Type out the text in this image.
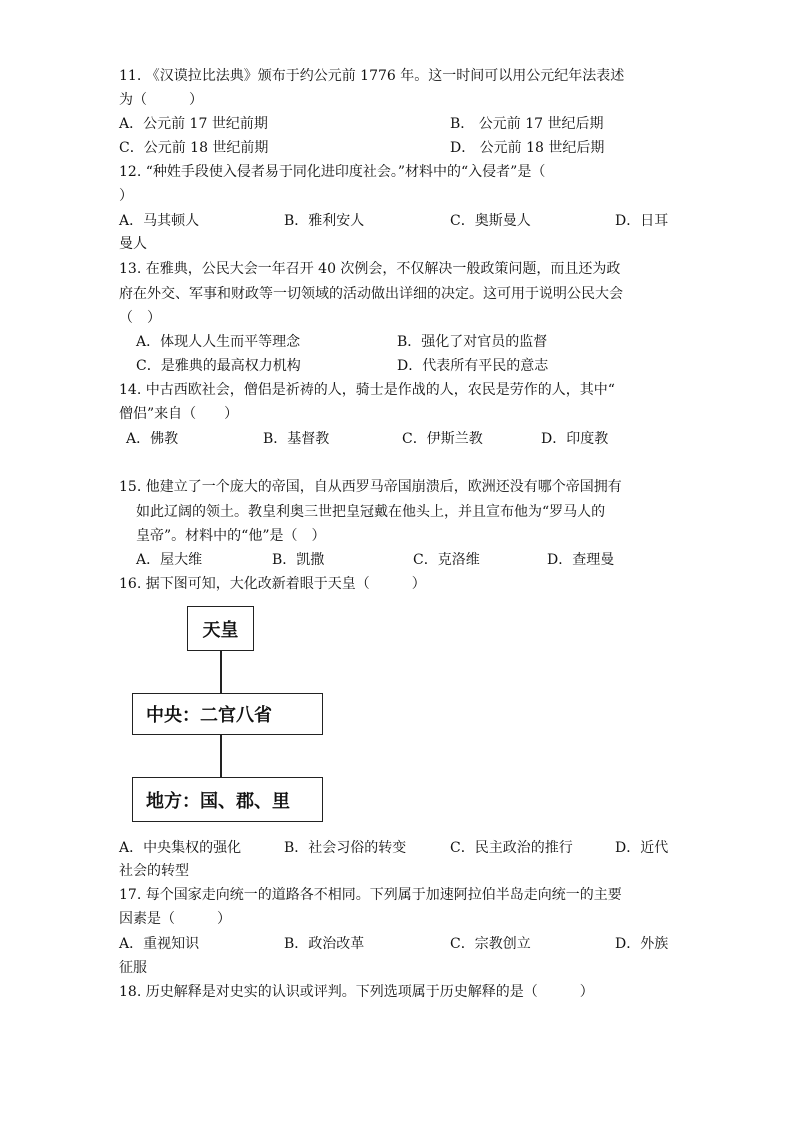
11. 《汉谟拉比法典》颁布于约公元前 1776 年。这一时间可以用公元纪年法表述
为（　　　）
A．公元前 17 世纪前期	B． 公元前 17 世纪后期
C．公元前 18 世纪前期	D． 公元前 18 世纪后期
12. “种姓手段使入侵者易于同化进印度社会。”材料中的“入侵者”是（
）
A．马其顿人	B．雅利安人	C．奥斯曼人	D．日耳
曼人
13. 在雅典，公民大会一年召开 40 次例会，不仅解决一般政策问题，而且还为政
府在外交、军事和财政等一切领域的活动做出详细的决定。这可用于说明公民大会
（　）
A．体现人人生而平等理念	B．强化了对官员的监督
C．是雅典的最高权力机构	D．代表所有平民的意志
14. 中古西欧社会，僧侣是祈祷的人，骑士是作战的人，农民是劳作的人，其中“
僧侣”来自（　　）
A．佛教	B．基督教	C．伊斯兰教	D．印度教
15. 他建立了一个庞大的帝国，自从西罗马帝国崩溃后，欧洲还没有哪个帝国拥有
如此辽阔的领土。教皇利奥三世把皇冠戴在他头上，并且宣布他为“罗马人的
皇帝”。材料中的“他”是（　）
A．屋大维	B．凯撒	C．克洛维	D．查理曼
16. 据下图可知，大化改新着眼于天皇（　　　）
天皇
中央：二官八省
地方：国、郡、里
A．中央集权的强化	B．社会习俗的转变	C．民主政治的推行	D．近代
社会的转型
17. 每个国家走向统一的道路各不相同。下列属于加速阿拉伯半岛走向统一的主要
因素是（　　　）
A．重视知识	B．政治改革	C．宗教创立	D．外族
征服
18. 历史解释是对史实的认识或评判。下列选项属于历史解释的是（　　　）
